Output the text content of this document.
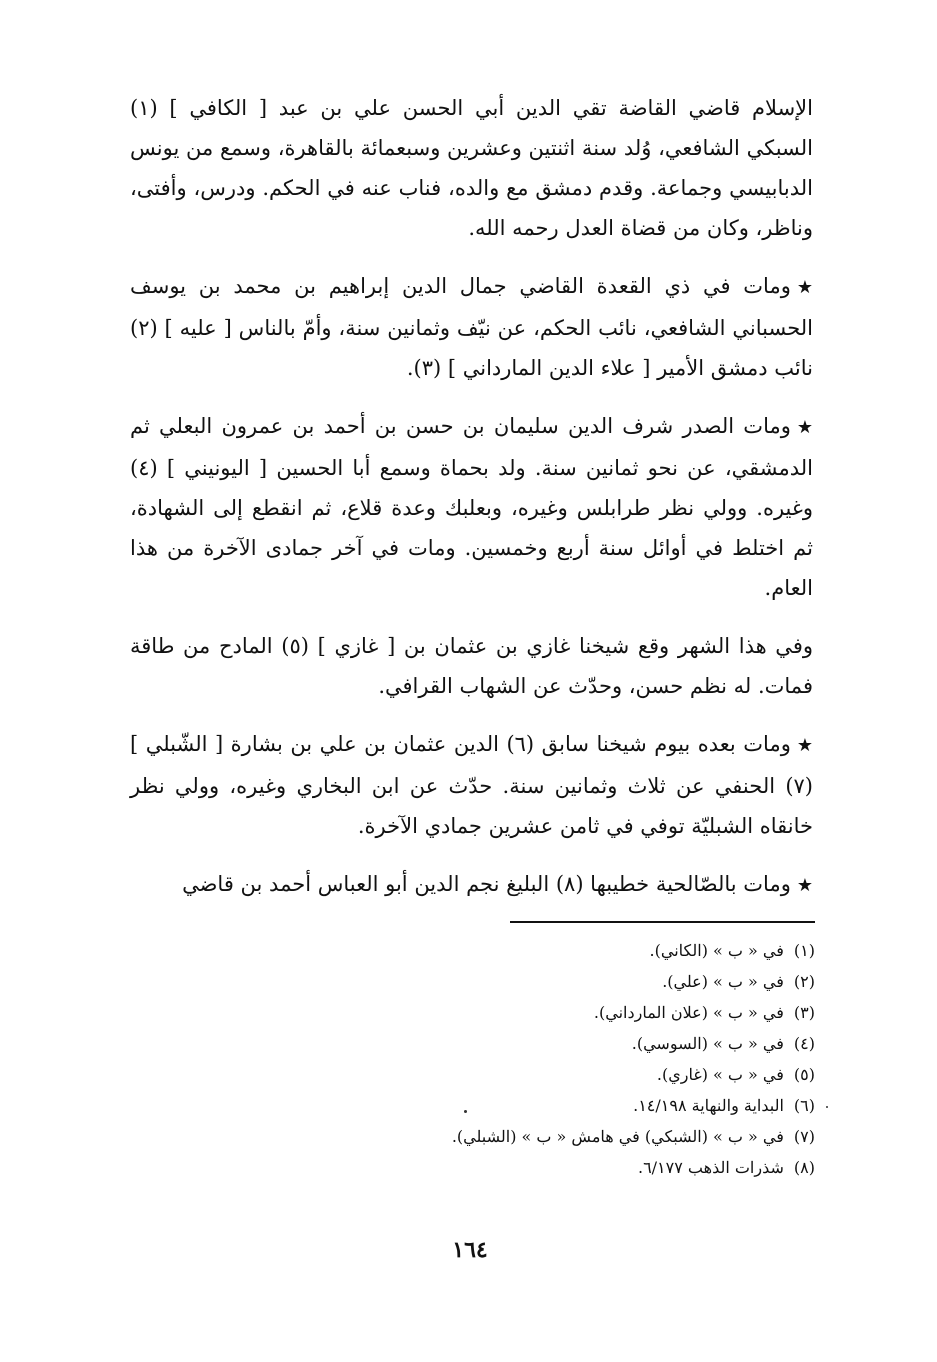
الإسلام قاضي القاضة تقي الدين أبي الحسن علي بن عبد [ الكافي ] (١) السبكي الشافعي، وُلد سنة اثنتين وعشرين وسبعمائة بالقاهرة، وسمع من يونس الدبابيسي وجماعة. وقدم دمشق مع والده، فناب عنه في الحكم. ودرس، وأفتى، وناظر، وكان من قضاة العدل رحمه الله.

★ومات في ذي القعدة القاضي جمال الدين إبراهيم بن محمد بن يوسف الحسباني الشافعي، نائب الحكم، عن نيّف وثمانين سنة، وأمّ بالناس [ عليه ] (٢) نائب دمشق الأمير [ علاء الدين المارداني ] (٣).

★ومات الصدر شرف الدين سليمان بن حسن بن أحمد بن عمرون البعلي ثم الدمشقي، عن نحو ثمانين سنة. ولد بحماة وسمع أبا الحسين [ اليونيني ] (٤) وغيره. وولي نظر طرابلس وغيره، وبعلبك وعدة قلاع، ثم انقطع إلى الشهادة، ثم اختلط في أوائل سنة أربع وخمسين. ومات في آخر جمادى الآخرة من هذا العام.

وفي هذا الشهر وقع شيخنا غازي بن عثمان بن [ غازي ] (٥) المادح من طاقة فمات. له نظم حسن، وحدّث عن الشهاب القرافي.

★ومات بعده بيوم شيخنا سابق (٦) الدين عثمان بن علي بن بشارة [ الشّبلي ] (٧) الحنفي عن ثلاث وثمانين سنة. حدّث عن ابن البخاري وغيره، وولي نظر خانقاه الشبليّة توفي في ثامن عشرين جمادي الآخرة.

★ومات بالصّالحية خطيبها (٨) البليغ نجم الدين أبو العباس أحمد بن قاضي

(١)في « ب » (الكاني).
(٢)في « ب » (علي).
(٣)في « ب » (علان المارداني).
(٤)في « ب » (السوسي).
(٥)في « ب » (غاري).
(٦)البداية والنهاية ١٤/١٩٨.
(٧)في « ب » (الشبكي) في هامش « ب » (الشبلي).
(٨)شذرات الذهب ٦/١٧٧.
١٦٤
